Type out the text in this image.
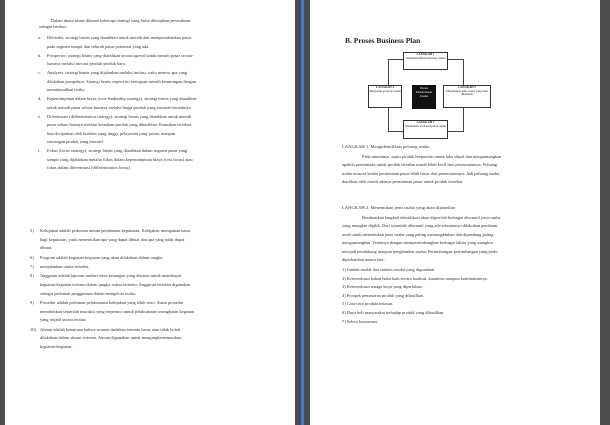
Dalam dunia bisnis dikenal beberapa strategi yang biasa diterapkan perusahaan
sebagai berikut:
a. Defender, strategi bisnis yang diarahkan untuk meraih dan mempertahankan pasar
pada segmen sempit dan seluruh pasar potensial yang ada.
b. Prospector, strategi bisnis yang diarahkan secara agresif untuk meraih pasar secara-
luasnya melalui inovasi produk-produk baru.
c. Analyzer, strategi bisnis yang dijalankan melalui imitasi, yaitu meniru apa yang
dilakukan prospektor. Strategi bisnis seperti ini bertujuan meraih keuntungan dengan
meminimalkan risiko.
d. Kepemimpinan dalam biaya (cost-leadership strategy), strategi bisnis yang diarahkan
untuk meraih pasar seluas-luasnya melalui harga produk yang semurah-murahnya.
e. Diferensiasi (differentiation strategy), strategi bisnis yang diarahkan untuk meraih
pasar seluas-luasnya melalui keunikan produk yang dihasilkan. Keunikan tersebut
bisa diciptakan oleh kualitas yang tinggi, pelayanan yang prima, maupun
rancangan produk yang inovatif.
f. Fokus (focus strategy), strategi bisnis yang diarahkan dalam segmen pasar yang
sempit yang dijalankan melalui fokus dalam kepemimpinan biaya (cost focus) atau
fokus dalam diferensiasi (differentiation focus).
5) Kebijakan adalah pedoman umum pembuatan keputusan. Kebijakan merupakan batas
bagi keputusan, yaitu menentukan apa yang dapat dibuat dan apa yang tidak dapat
dibuat.
6) Program adalah kegiatan-kegiatan yang akan dilakukan dalam rangka
7) menjalankan usaha tersebut.
8) Anggaran adalah laporan sumber daya keuangan yang disusun untuk membiayai
kegiatan-kegiatan tertentu dalam jangka waktu tertentu. Anggaran tersebut digunakan
sebagai pedoman penggunaan dalam mengelola usaha.
9) Prosedur adalah pedoman pelaksanaan kebijakan yang lebih rinci. Suatu prosedur
memberikan sejumlah instruksi yang terperinci untuk pelaksanaan serangkaian kegiatan
yang terjadi secara teratur.
10) Aturan adalah ketentuan bahwa sesuatu tindakan tertentu harus atau tidak boleh
dilakukan dalam situasi tertentu. Aturan digunakan untuk mengimplementasikan
kegiatan-kegiatan.
B. Proses Business Plan
LANGKAH 1
Mengidentifikasi Peluang Usaha
LANGKAH 2
Menentukan jenis usaha yang akan dilakukan
LANGKAH 3
Melakukan studi kelayakan usaha
LANGKAH 4
Menyusun proposal usaha
Proses Perencanaan Usaha
LANGKAH 1. Mengidentifikasi peluang usaha
Pada umumnya, suatu produk berpotensi untuk laku dijual dan menguntungkan
apabila permintaan untuk produk tersebut masih lebih kecil dari penawarannya. Peluang
usaha muncul ketika permintaan pasar lebih besar dari penawarannya. Jadi peluang usaha
diartikan oleh masih adanya permintaan pasar untuk produk tersebut.
LANGKAH 2. Menentukan jenis usaha yang akan dijalankan
Berdasarkan langkah identifikasi akan diperoleh berbagai alternatif jenis usaha
yang mungkin dipilih. Dari sejumlah alternatif yang ada selanjutnya dilakukan penilaian
awal untuk menentukan jenis usaha yang paling memungkinkan dan dipandang paling
menguntungkan. Tentunya dengan mempertimbangkan berbagai faktor yang mungkin
menjadi pendukung maupun penghambat usaha. Pertimbangan-pertimbangan yang perlu
diperhatikan antara lain:
1) Jumlah modal dan sumber modal yang digunakan.
2) Ketersediaan bahan baku baik secara kualitas, kuantitas maupun kontinuitasnya.
3) Ketersediaan tenaga kerja yang diperlukan.
4) Prospek pemasaran produk yang dihasilkan.
5) Cara-cara produktivitasan.
6) Daya beli masyarakat terhadap produk yang dihasilkan.
7) Selera konsumen.
